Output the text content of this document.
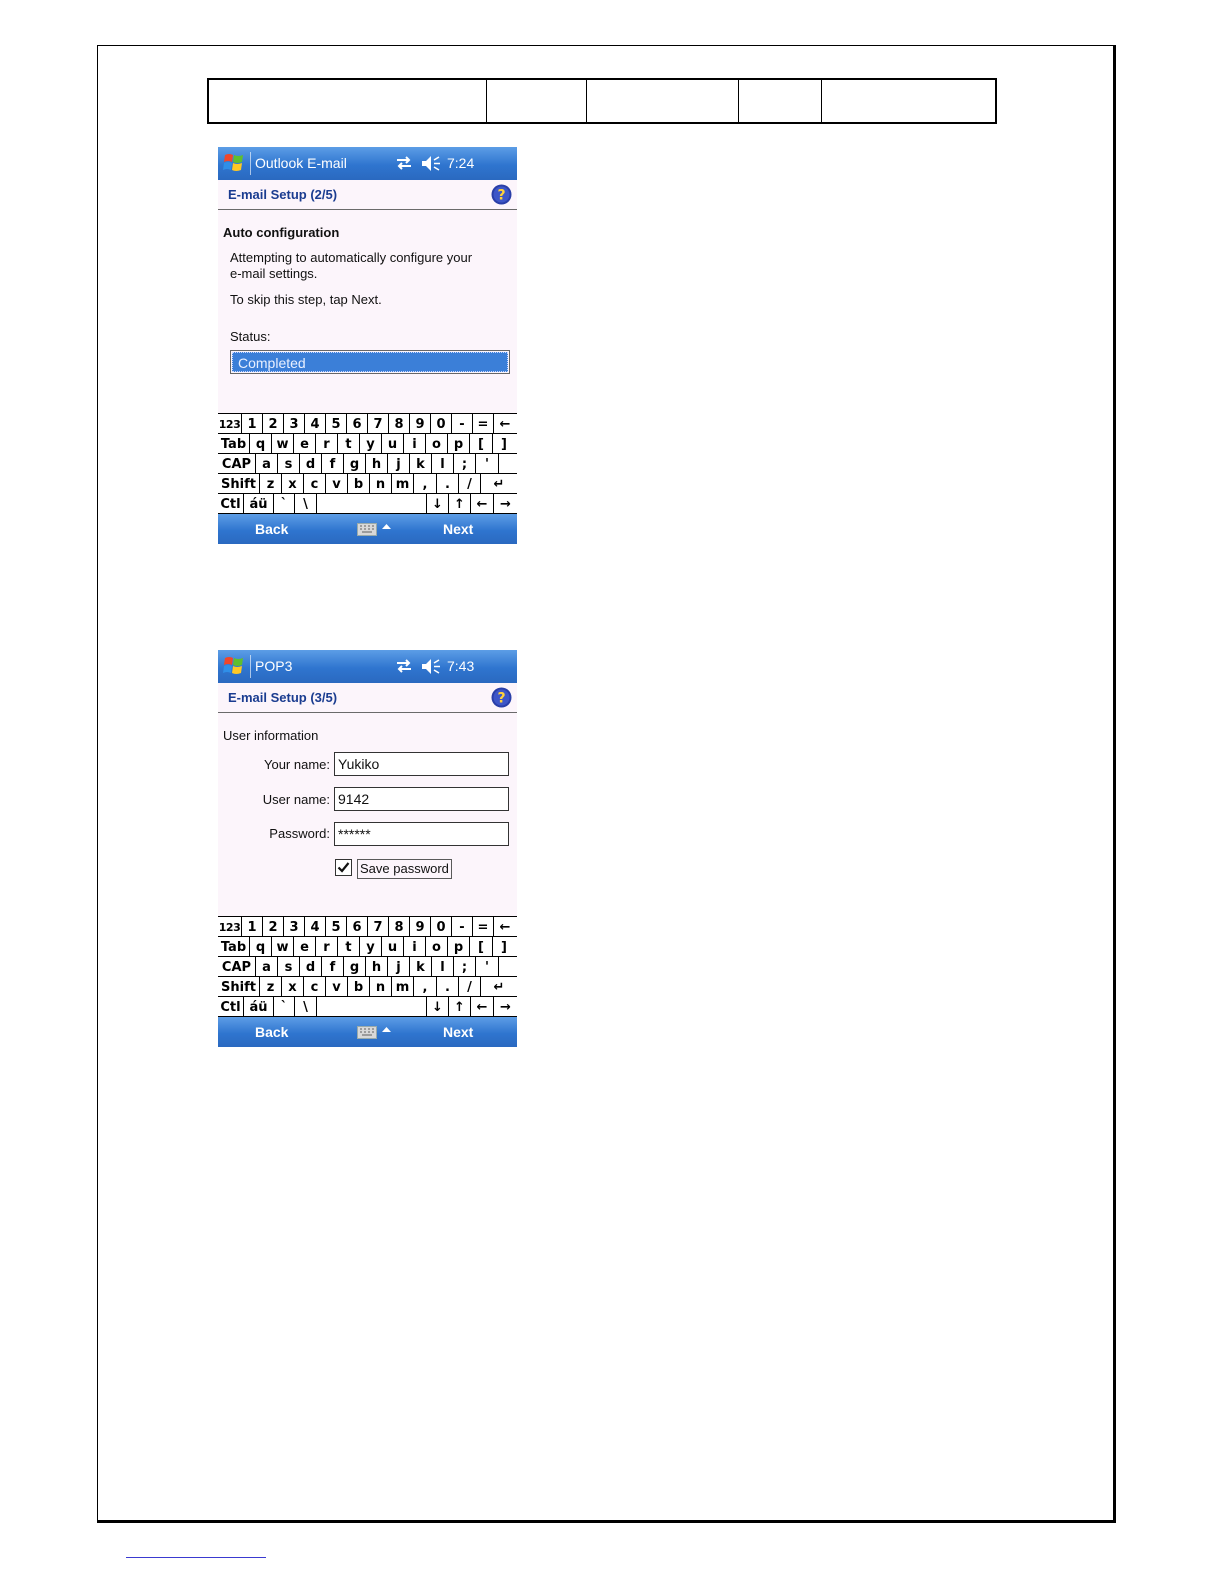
Outlook E-mail	7:24
E-mail Setup (2/5)	?
Auto configuration
Attempting to automatically configure your
e-mail settings.
To skip this step, tap Next.
Status:
Completed
123 1 2 3 4 5 6 7 8 9 0	- = ←
Tab q w e	r	t	y	u	i	o p	[	]
CAP a	s	d	f	g h	j	k	l	;	'
Shift z	x	c	v	b n m	,	.	/	↵
Ctl áü	`	\	↓ ↑ ← →
Back	Next
POP3	7:43
E-mail Setup (3/5)	?
User information
Your name: Yukiko
User name: 9142
Password: ******
Save password
123 1 2 3 4 5 6 7 8 9 0	- = ←
Tab q w e	r	t	y	u	i	o p	[	]
CAP a	s	d	f	g h	j	k	l	;	'
Shift z	x	c	v	b n m	,	.	/	↵
Ctl áü	`	\	↓ ↑ ← →
Back	Next
